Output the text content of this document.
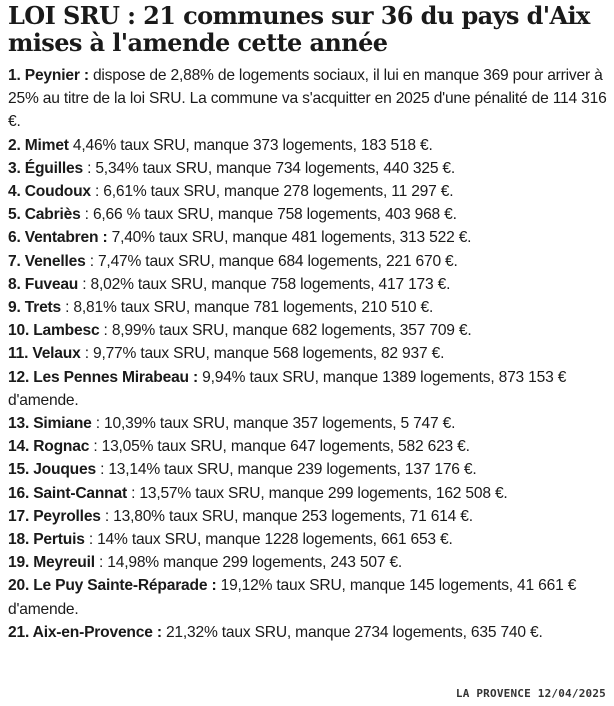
LOI SRU : 21 communes sur 36 du pays d'Aix mises à l'amende cette année
1. Peynier : dispose de 2,88% de logements sociaux, il lui en manque 369 pour arriver à 25% au titre de la loi SRU. La commune va s'acquitter en 2025 d'une pénalité de 114 316 €.
2. Mimet 4,46% taux SRU, manque 373 logements, 183 518 €.
3. Éguilles : 5,34% taux SRU, manque 734 logements, 440 325 €.
4. Coudoux : 6,61% taux SRU, manque 278 logements, 11 297 €.
5. Cabriès : 6,66 % taux SRU, manque 758 logements, 403 968 €.
6. Ventabren : 7,40% taux SRU, manque 481 logements, 313 522 €.
7. Venelles : 7,47% taux SRU, manque 684 logements, 221 670 €.
8. Fuveau : 8,02% taux SRU, manque 758 logements, 417 173 €.
9. Trets : 8,81% taux SRU, manque 781 logements, 210 510 €.
10. Lambesc : 8,99% taux SRU, manque 682 logements, 357 709 €.
11. Velaux : 9,77% taux SRU, manque 568 logements, 82 937 €.
12. Les Pennes Mirabeau : 9,94% taux SRU, manque 1389 logements, 873 153 € d'amende.
13. Simiane : 10,39% taux SRU, manque 357 logements, 5 747 €.
14. Rognac : 13,05% taux SRU, manque 647 logements, 582 623 €.
15. Jouques : 13,14% taux SRU, manque 239 logements, 137 176 €.
16. Saint-Cannat : 13,57% taux SRU, manque 299 logements, 162 508 €.
17. Peyrolles : 13,80% taux SRU, manque 253 logements, 71 614 €.
18. Pertuis : 14% taux SRU, manque 1228 logements, 661 653 €.
19. Meyreuil : 14,98% manque 299 logements, 243 507 €.
20. Le Puy Sainte-Réparade : 19,12% taux SRU, manque 145 logements, 41 661 € d'amende.
21. Aix-en-Provence : 21,32% taux SRU, manque 2734 logements, 635 740 €.
LA PROVENCE 12/04/2025
